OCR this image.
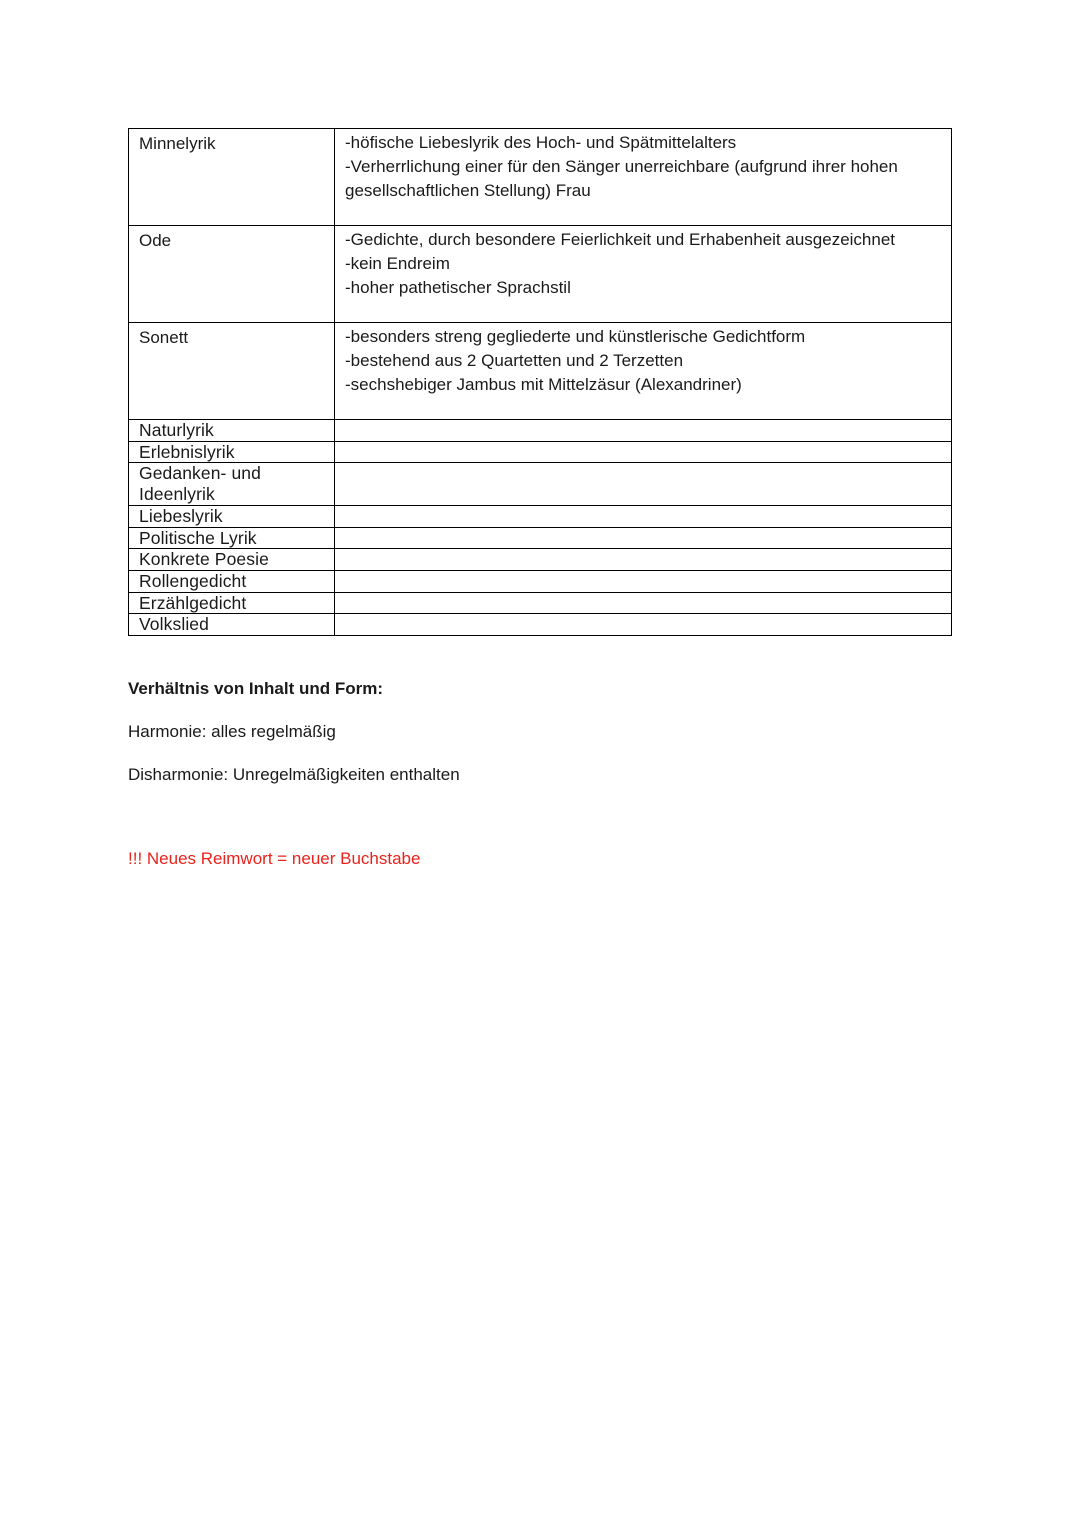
Minnelyrik	-höfische Liebeslyrik des Hoch- und Spätmittelalters
-Verherrlichung einer für den Sänger unerreichbare (aufgrund ihrer hohen gesellschaftlichen Stellung) Frau

Ode	-Gedichte, durch besondere Feierlichkeit und Erhabenheit ausgezeichnet
-kein Endreim
-hoher pathetischer Sprachstil

Sonett	-besonders streng gegliederte und künstlerische Gedichtform
-bestehend aus 2 Quartetten und 2 Terzetten
-sechshebiger Jambus mit Mittelzäsur (Alexandriner)

Naturlyrik	
Erlebnislyrik	
Gedanken- und Ideenlyrik	
Liebeslyrik	
Politische Lyrik	
Konkrete Poesie	
Rollengedicht	
Erzählgedicht	
Volkslied	

Verhältnis von Inhalt und Form:

Harmonie: alles regelmäßig

Disharmonie: Unregelmäßigkeiten enthalten

!!! Neues Reimwort = neuer Buchstabe
